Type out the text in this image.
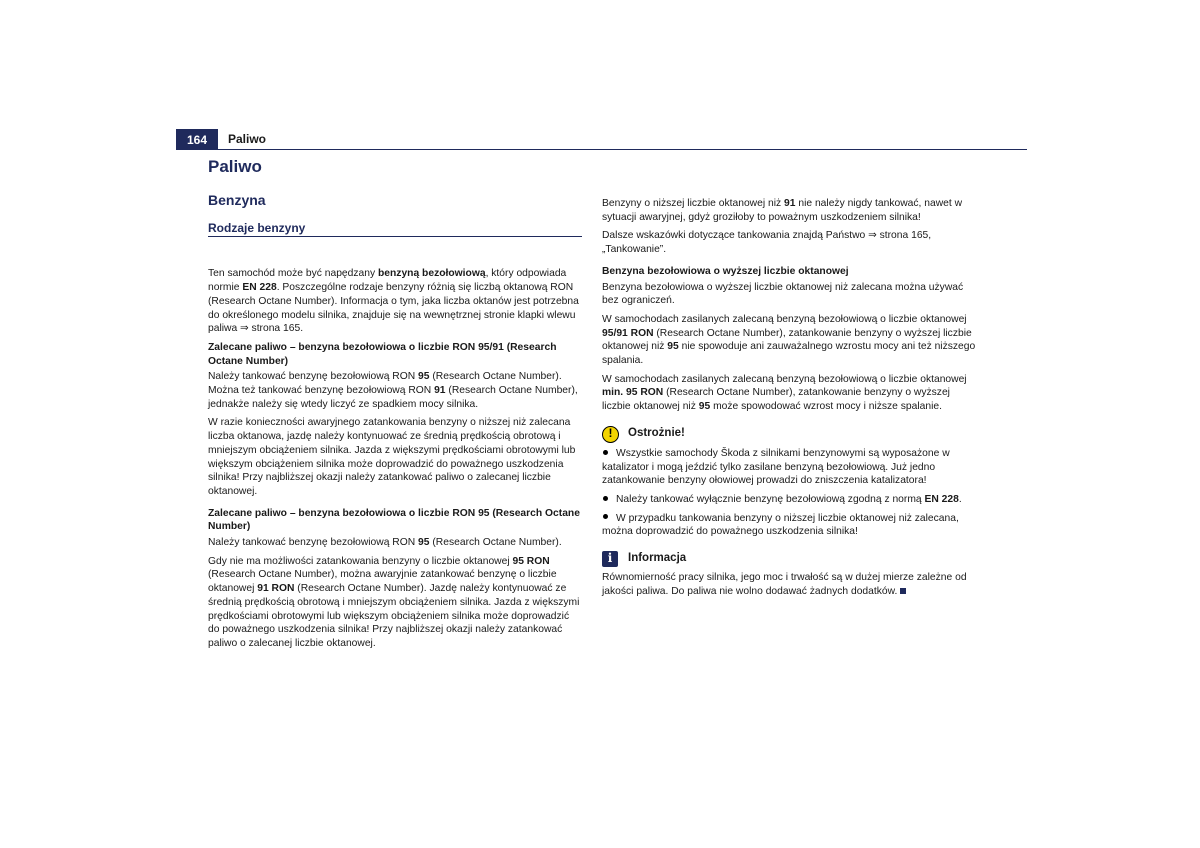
164	Paliwo
Paliwo
Benzyna
Rodzaje benzyny

Ten samochód może być napędzany benzyną bezołowiową, który odpowiada normie EN 228. Poszczególne rodzaje benzyny różnią się liczbą oktanową RON (Research Octane Number). Informacja o tym, jaka liczba oktanów jest potrzebna do określonego modelu silnika, znajduje się na wewnętrznej stronie klapki wlewu paliwa ⇒ strona 165.

Zalecane paliwo – benzyna bezołowiowa o liczbie RON 95/91 (Research Octane Number)

Należy tankować benzynę bezołowiową RON 95 (Research Octane Number). Można też tankować benzynę bezołowiową RON 91 (Research Octane Number), jednakże należy się wtedy liczyć ze spadkiem mocy silnika.

W razie konieczności awaryjnego zatankowania benzyny o niższej niż zalecana liczba oktanowa, jazdę należy kontynuować ze średnią prędkością obrotową i mniejszym obciążeniem silnika. Jazda z większymi prędkościami obrotowymi lub większym obciążeniem silnika może doprowadzić do poważnego uszkodzenia silnika! Przy najbliższej okazji należy zatankować paliwo o zalecanej liczbie oktanowej.

Zalecane paliwo – benzyna bezołowiowa o liczbie RON 95 (Research Octane Number)

Należy tankować benzynę bezołowiową RON 95 (Research Octane Number).

Gdy nie ma możliwości zatankowania benzyny o liczbie oktanowej 95 RON (Research Octane Number), można awaryjnie zatankować benzynę o liczbie oktanowej 91 RON (Research Octane Number). Jazdę należy kontynuować ze średnią prędkością obrotową i mniejszym obciążeniem silnika. Jazda z większymi prędkościami obrotowymi lub większym obciążeniem silnika może doprowadzić do poważnego uszkodzenia silnika! Przy najbliższej okazji należy zatankować paliwo o zalecanej liczbie oktanowej.

Benzyny o niższej liczbie oktanowej niż 91 nie należy nigdy tankować, nawet w sytuacji awaryjnej, gdyż groziłoby to poważnym uszkodzeniem silnika!

Dalsze wskazówki dotyczące tankowania znajdą Państwo ⇒ strona 165, „Tankowanie”.

Benzyna bezołowiowa o wyższej liczbie oktanowej

Benzyna bezołowiowa o wyższej liczbie oktanowej niż zalecana można używać bez ograniczeń.

W samochodach zasilanych zalecaną benzyną bezołowiową o liczbie oktanowej 95/91 RON (Research Octane Number), zatankowanie benzyny o wyższej liczbie oktanowej niż 95 nie spowoduje ani zauważalnego wzrostu mocy ani też niższego spalania.

W samochodach zasilanych zalecaną benzyną bezołowiową o liczbie oktanowej min. 95 RON (Research Octane Number), zatankowanie benzyny o wyższej liczbie oktanowej niż 95 może spowodować wzrost mocy i niższe spalanie.

!	Ostrożnie!

Wszystkie samochody Škoda z silnikami benzynowymi są wyposażone w katalizator i mogą jeździć tylko zasilane benzyną bezołowiową. Już jedno zatankowanie benzyny ołowiowej prowadzi do zniszczenia katalizatora!

Należy tankować wyłącznie benzynę bezołowiową zgodną z normą EN 228.

W przypadku tankowania benzyny o niższej liczbie oktanowej niż zalecana, można doprowadzić do poważnego uszkodzenia silnika!

i	Informacja

Równomierność pracy silnika, jego moc i trwałość są w dużej mierze zależne od jakości paliwa. Do paliwa nie wolno dodawać żadnych dodatków.
